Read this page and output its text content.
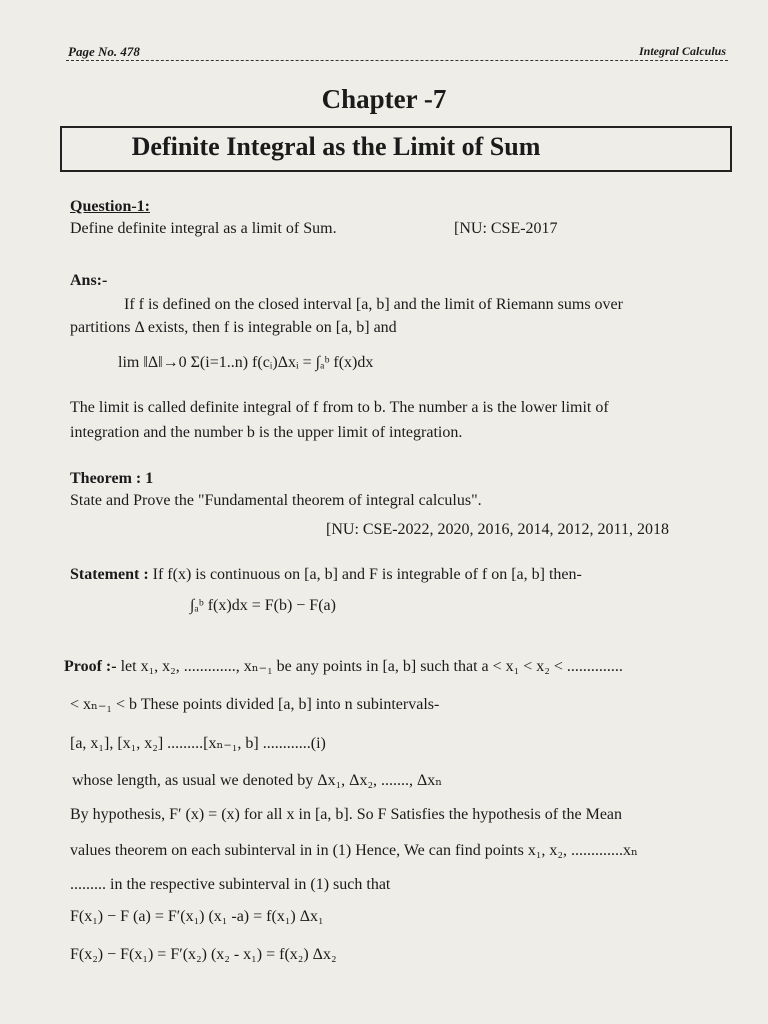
Page No. 478	Integral Calculus
Chapter -7
Definite Integral as the Limit of Sum
Question-1:
Define definite integral as a limit of Sum.	[NU: CSE-2017
Ans:-
If f is defined on the closed interval [a, b] and the limit of Riemann sums over
partitions Δ exists, then f is integrable on [a, b] and
lim ‖Δ‖→0 Σ(i=1..n) f(cᵢ)Δxᵢ = ∫ₐᵇ f(x)dx
The limit is called definite integral of f from to b. The number a is the lower limit of
integration and the number b is the upper limit of integration.
Theorem : 1
State and Prove the "Fundamental theorem of integral calculus".
[NU: CSE-2022, 2020, 2016, 2014, 2012, 2011, 2018
Statement : If f(x) is continuous on [a, b] and F is integrable of f on [a, b] then-
∫ₐᵇ f(x)dx = F(b) − F(a)
Proof :- let x₁, x₂, ............., xₙ₋₁ be any points in [a, b] such that a < x₁ < x₂ < ..............
< xₙ₋₁ < b These points divided [a, b] into n subintervals-
[a, x₁], [x₁, x₂] .........[xₙ₋₁, b] ............(i)
whose length, as usual we denoted by Δx₁, Δx₂, ......., Δxₙ
By hypothesis, F′ (x) = (x) for all x in [a, b]. So F Satisfies the hypothesis of the Mean
values theorem on each subinterval in in (1) Hence, We can find points x₁, x₂, .............xₙ
......... in the respective subinterval in (1) such that
F(x₁) − F (a) = F′(x₁) (x₁ -a) = f(x₁) Δx₁
F(x₂) − F(x₁) = F′(x₂) (x₂ - x₁) = f(x₂) Δx₂
